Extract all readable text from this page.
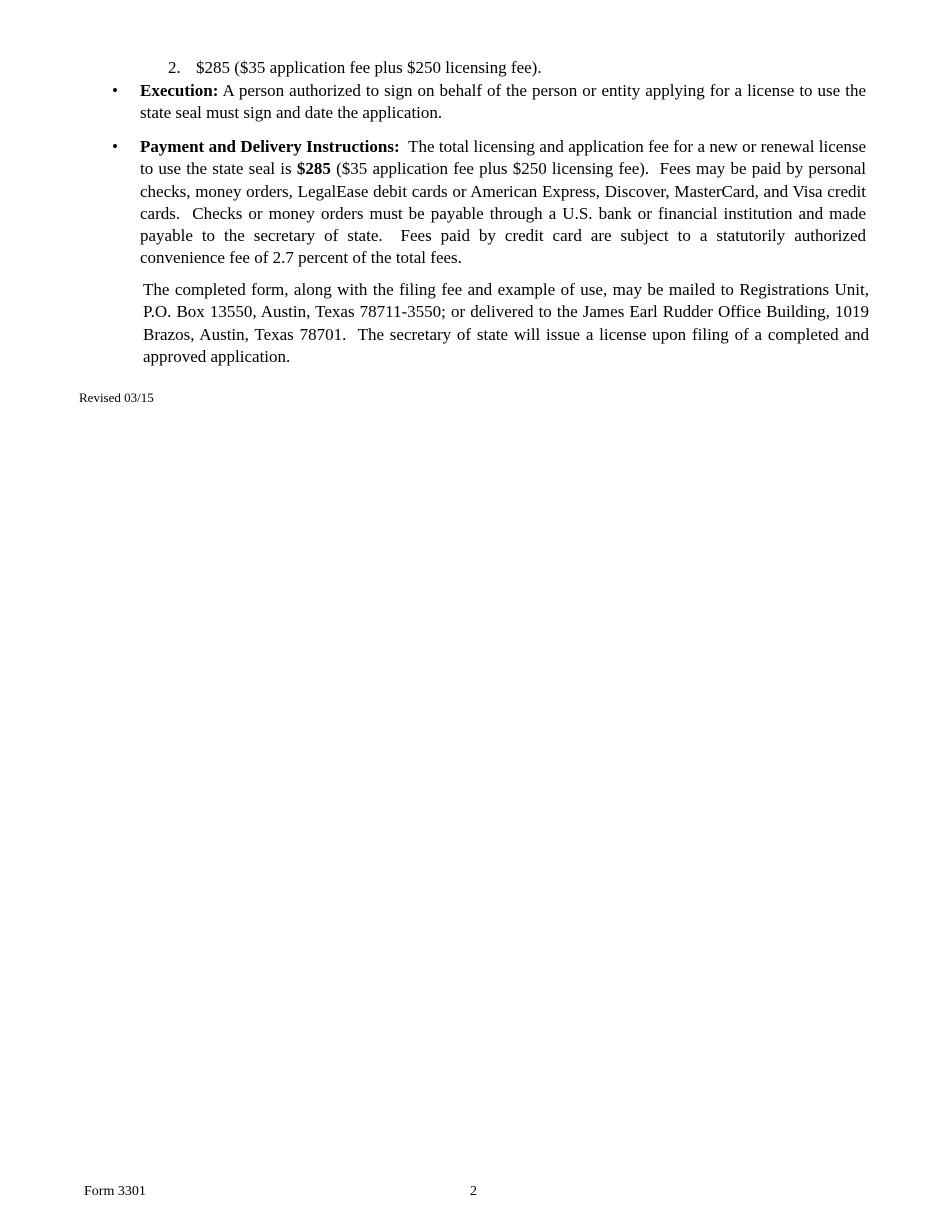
2. $285 ($35 application fee plus $250 licensing fee).
• Execution: A person authorized to sign on behalf of the person or entity applying for a license to use the state seal must sign and date the application.
• Payment and Delivery Instructions:  The total licensing and application fee for a new or renewal license to use the state seal is $285 ($35 application fee plus $250 licensing fee).  Fees may be paid by personal checks, money orders, LegalEase debit cards or American Express, Discover, MasterCard, and Visa credit cards.  Checks or money orders must be payable through a U.S. bank or financial institution and made payable to the secretary of state.  Fees paid by credit card are subject to a statutorily authorized convenience fee of 2.7 percent of the total fees.
The completed form, along with the filing fee and example of use, may be mailed to Registrations Unit, P.O. Box 13550, Austin, Texas 78711-3550; or delivered to the James Earl Rudder Office Building, 1019 Brazos, Austin, Texas 78701.  The secretary of state will issue a license upon filing of a completed and approved application.
Revised 03/15
Form 3301	2
